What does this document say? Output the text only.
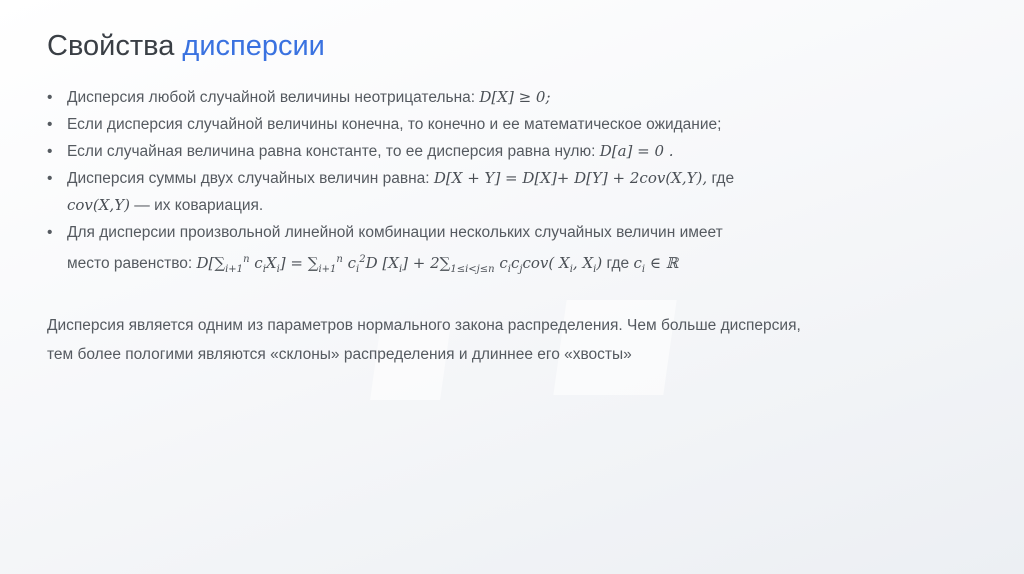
Свойства дисперсии
• Дисперсия любой случайной величины неотрицательна: D[X] ≥ 0;
• Если дисперсия случайной величины конечна, то конечно и ее математическое ожидание;
• Если случайная величина равна константе, то ее дисперсия равна нулю: D[a] = 0 .
• Дисперсия суммы двух случайных величин равна: D[X + Y] = D[X]+ D[Y] + 2cov(X,Y), где
cov(X,Y) — их ковариация.
• Для дисперсии произвольной линейной комбинации нескольких случайных величин имеет
место равенство: $D[\sum_{i+1}^n$ $c_iX_i] = \sum_{i+1}^n$ $c_i^2D$ $[X_i] + 2\sum_{1\le i<j\le n}$ $c_ic_jcov$( $X_i$, $X_i$) где $c_i$ ∈ ℝ
Дисперсия является одним из параметров нормального закона распределения. Чем больше дисперсия,
тем более пологими являются «склоны» распределения и длиннее его «хвосты»
